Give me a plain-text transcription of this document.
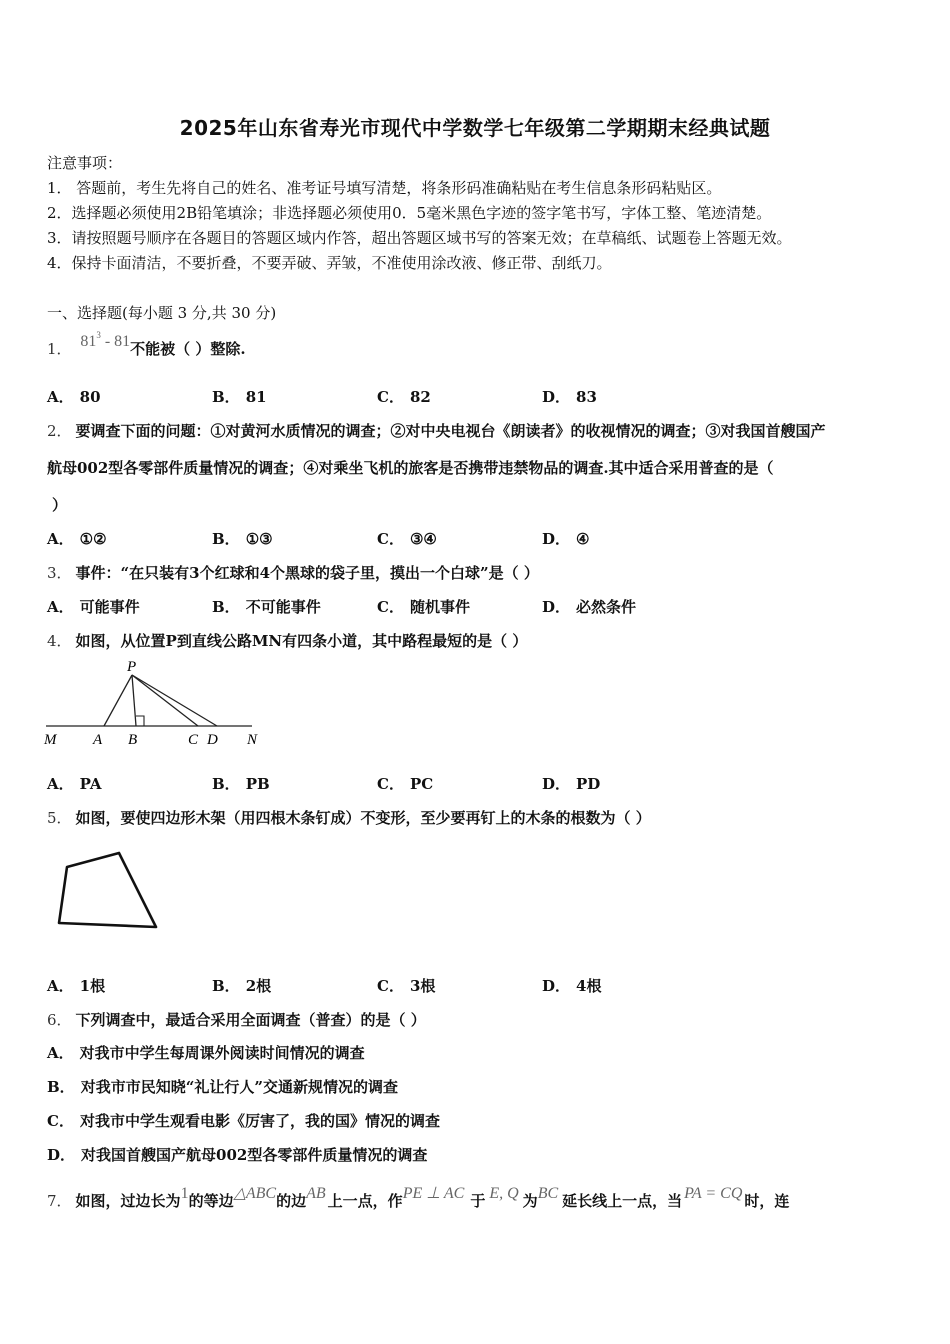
2025年山东省寿光市现代中学数学七年级第二学期期末经典试题
注意事项：
1． 答题前，考生先将自己的姓名、准考证号填写清楚，将条形码准确粘贴在考生信息条形码粘贴区。
2．选择题必须使用2B铅笔填涂；非选择题必须使用0．5毫米黑色字迹的签字笔书写，字体工整、笔迹清楚。
3．请按照题号顺序在各题目的答题区域内作答，超出答题区域书写的答案无效；在草稿纸、试题卷上答题无效。
4．保持卡面清洁，不要折叠，不要弄破、弄皱，不准使用涂改液、修正带、刮纸刀。
一、选择题(每小题 3 分,共 30 分)
1． $81^3 - 81$不能被（ ）整除.
A． 80	B． 81	C． 82	D． 83
2． 要调查下面的问题：①对黄河水质情况的调查；②对中央电视台《朗读者》的收视情况的调查；③对我国首艘国产
航母002型各零部件质量情况的调查；④对乘坐飞机的旅客是否携带违禁物品的调查.其中适合采用普查的是（
）
A． ①②	B． ①③	C． ③④	D． ④
3． 事件：“在只装有3个红球和4个黑球的袋子里，摸出一个白球”是（ ）
A． 可能事件	B． 不可能事件	C． 随机事件	D． 必然条件
4． 如图，从位置P到直线公路MN有四条小道，其中路程最短的是（ ）
P
M A B	C D N
A． PA	B． PB	C． PC	D． PD
5． 如图，要使四边形木架（用四根木条钉成）不变形，至少要再钉上的木条的根数为（ ）
A． 1根	B． 2根	C． 3根	D． 4根
6． 下列调查中，最适合采用全面调查（普查）的是（ ）
A． 对我市中学生每周课外阅读时间情况的调查
B． 对我市市民知晓“礼让行人”交通新规情况的调查
C． 对我市中学生观看电影《厉害了，我的国》情况的调查
D． 对我国首艘国产航母002型各零部件质量情况的调查
7． 如图，过边长为1的等边△ABC的边AB 上一点，作PE ⊥ AC 于 E, Q 为BC 延长线上一点，当 PA = CQ 时，连
